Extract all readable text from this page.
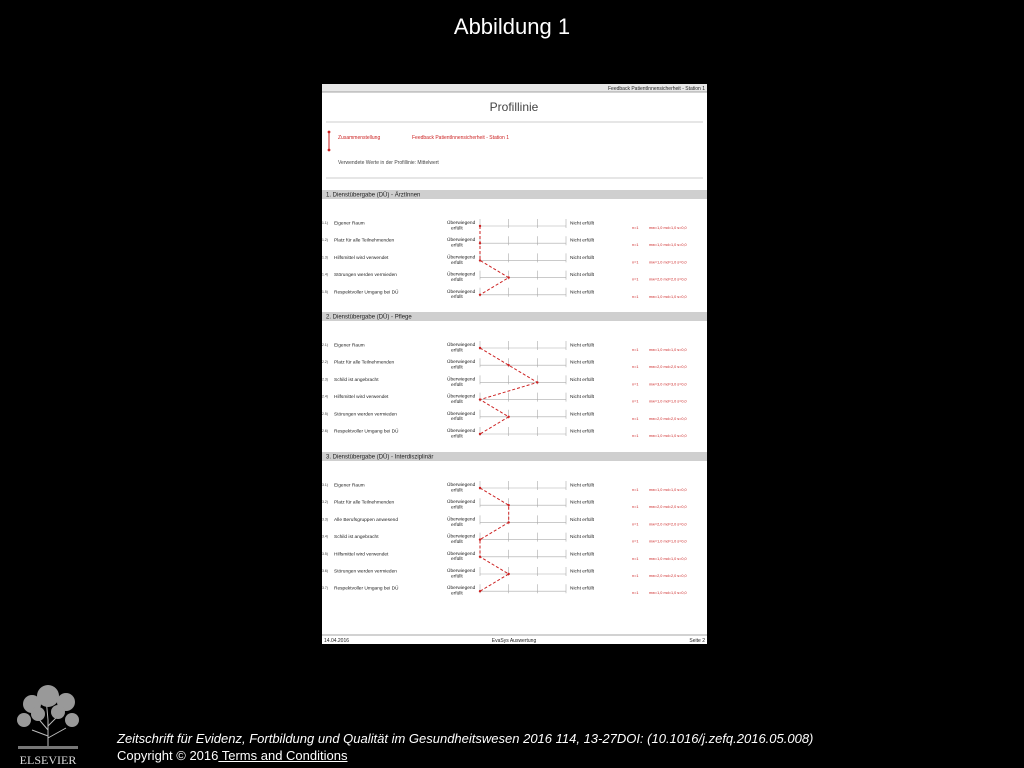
Abbildung 1
Feedback PatientInnensicherheit - Station 1
Profillinie
Zusammenstellung	Feedback PatientInnensicherheit - Station 1
Verwendete Werte in der Profillinie: Mittelwert
1. Dienstübergabe (DÜ) - ÄrztInnen
1.1) Eigener Raum	Überwiegend
erfüllt
Nicht erfüllt
n=1	mw=1,0 md=1,0 s=0,0
1.2) Platz für alle Teilnehmenden	Überwiegend
erfüllt
Nicht erfüllt
n=1	mw=1,0 md=1,0 s=0,0
1.3) Hilfsmittel wird verwendet	Überwiegend
erfüllt
Nicht erfüllt
n=1	mw=1,0 md=1,0 s=0,0
1.4) Störungen werden vermieden	Überwiegend
erfüllt
Nicht erfüllt
n=1	mw=2,0 md=2,0 s=0,0
1.5) Respektvoller Umgang bei DÜ	Überwiegend
erfüllt
Nicht erfüllt
n=1	mw=1,0 md=1,0 s=0,0
2. Dienstübergabe (DÜ) - Pflege
2.1) Eigener Raum	Überwiegend
erfüllt
Nicht erfüllt
n=1	mw=1,0 md=1,0 s=0,0
2.2) Platz für alle Teilnehmenden	Überwiegend
erfüllt
Nicht erfüllt
n=1	mw=2,0 md=2,0 s=0,0
2.3) Schild ist angebracht	Überwiegend
erfüllt
Nicht erfüllt
n=1	mw=3,0 md=3,0 s=0,0
2.4) Hilfsmittel wird verwendet	Überwiegend
erfüllt
Nicht erfüllt
n=1	mw=1,0 md=1,0 s=0,0
2.5) Störungen werden vermieden	Überwiegend
erfüllt
Nicht erfüllt
n=1	mw=2,0 md=2,0 s=0,0
2.6) Respektvoller Umgang bei DÜ	Überwiegend
erfüllt
Nicht erfüllt
n=1	mw=1,0 md=1,0 s=0,0
3. Dienstübergabe (DÜ) - Interdisziplinär
3.1) Eigener Raum	Überwiegend
erfüllt
Nicht erfüllt
n=1	mw=1,0 md=1,0 s=0,0
3.2) Platz für alle Teilnehmenden	Überwiegend
erfüllt
Nicht erfüllt
n=1	mw=2,0 md=2,0 s=0,0
3.3) Alle Berufsgruppen anwesend	Überwiegend
erfüllt
Nicht erfüllt
n=1	mw=2,0 md=2,0 s=0,0
3.4) Schild ist angebracht	Überwiegend
erfüllt
Nicht erfüllt
n=1	mw=1,0 md=1,0 s=0,0
3.5) Hilfsmittel wird verwendet	Überwiegend
erfüllt
Nicht erfüllt
n=1	mw=1,0 md=1,0 s=0,0
3.6) Störungen werden vermieden	Überwiegend
erfüllt
Nicht erfüllt
n=1	mw=2,0 md=2,0 s=0,0
3.7) Respektvoller Umgang bei DÜ	Überwiegend
erfüllt
Nicht erfüllt
n=1	mw=1,0 md=1,0 s=0,0
14.04.2016	EvaSys Auswertung	Seite 2
ELSEVIER
Zeitschrift für Evidenz, Fortbildung und Qualität im Gesundheitswesen 2016 114, 13-27DOI: (10.1016/j.zefq.2016.05.008)
Copyright © 2016 Terms and Conditions
